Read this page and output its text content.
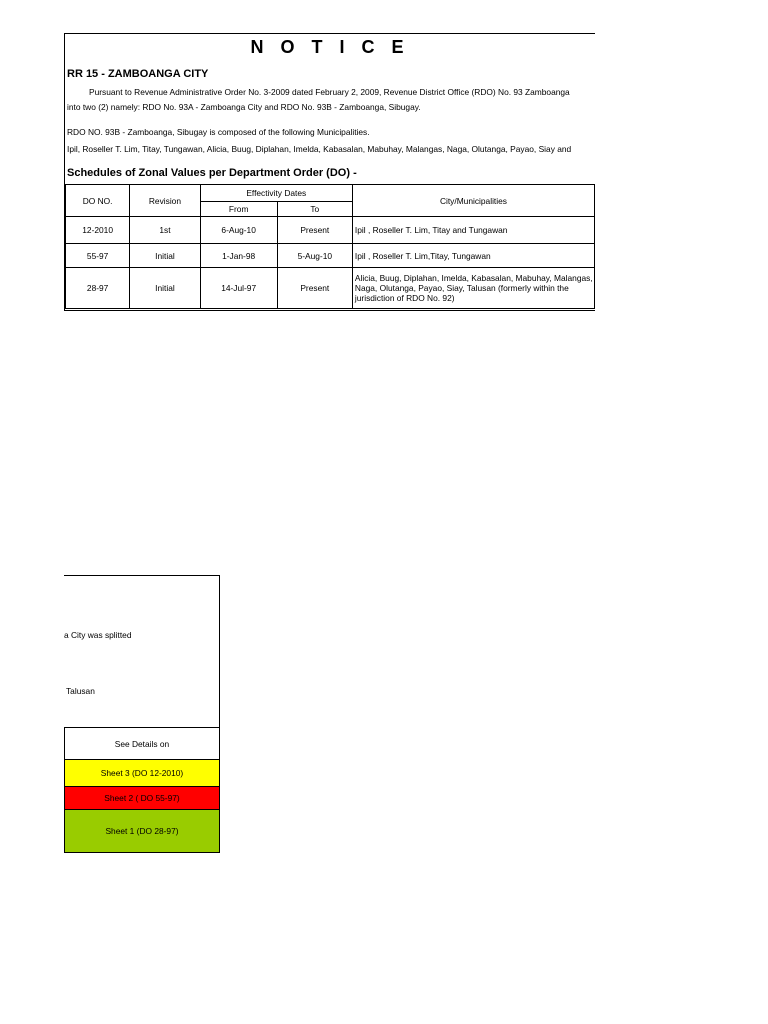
N O T I C E
RR 15 - ZAMBOANGA CITY
Pursuant to Revenue Administrative Order No. 3-2009 dated February 2, 2009, Revenue District Office (RDO) No. 93 Zamboanga
into two (2) namely: RDO No. 93A - Zamboanga City and RDO No. 93B - Zamboanga, Sibugay.
RDO NO. 93B - Zamboanga, Sibugay is composed of the following Municipalities.
Ipil, Roseller T. Lim, Titay, Tungawan, Alicia, Buug, Diplahan, Imelda, Kabasalan, Mabuhay, Malangas, Naga, Olutanga, Payao, Siay and
Schedules of Zonal Values per Department Order (DO) -
DO NO.	Revision	Effectivity Dates		City/Municipalities
		From	To	
12-2010	1st	6-Aug-10	Present	Ipil , Roseller T. Lim, Titay and Tungawan
55-97	Initial	1-Jan-98	5-Aug-10	Ipil , Roseller T. Lim,Titay, Tungawan
28-97	Initial	14-Jul-97	Present	Alicia, Buug, Diplahan, Imelda, Kabasalan, Mabuhay, Malangas, Naga, Olutanga, Payao, Siay, Talusan (formerly within the jurisdiction of RDO No. 92)
a City was splitted
Talusan
See Details on
Sheet 3 (DO 12-2010)
Sheet 2 ( DO 55-97)
Sheet 1 (DO 28-97)
